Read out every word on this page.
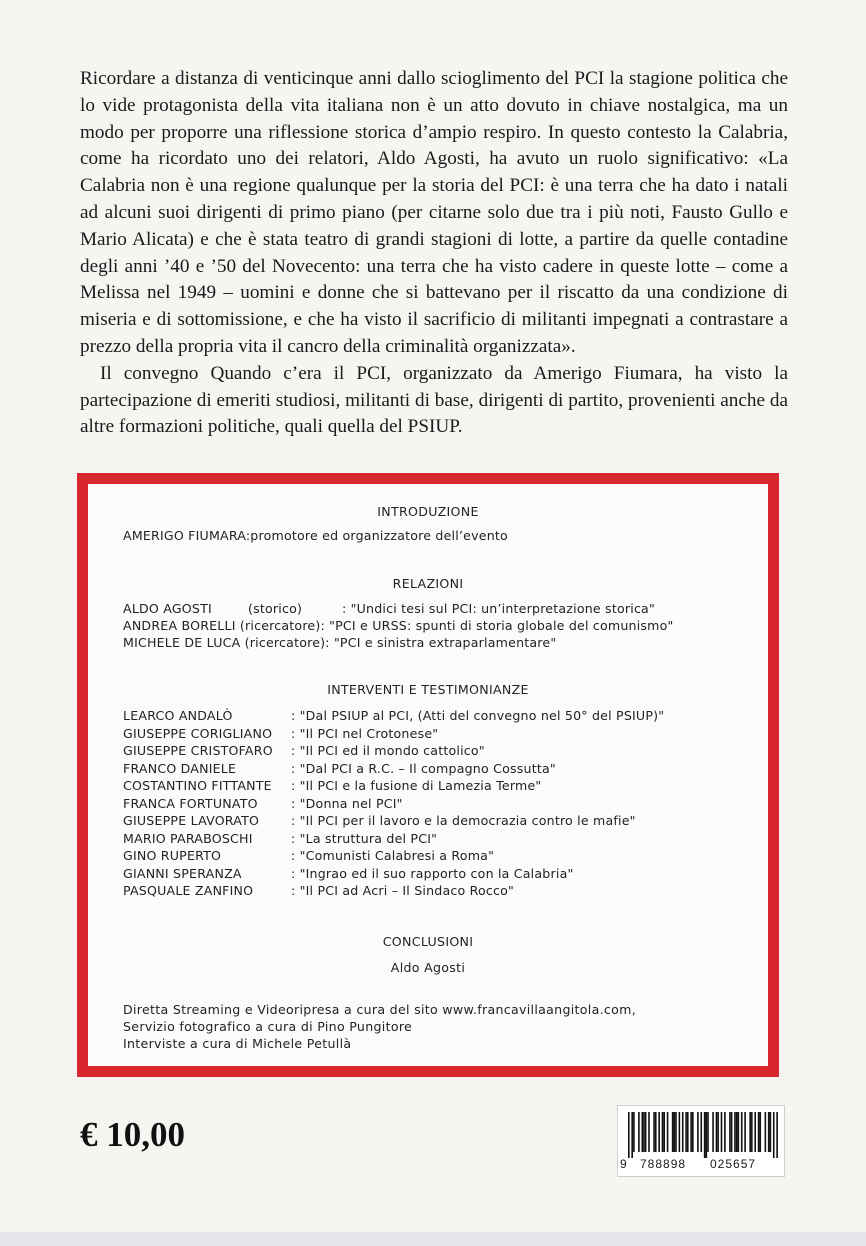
Ricordare a distanza di venticinque anni dallo scioglimento del PCI la stagione politica che lo vide protagonista della vita italiana non è un atto dovuto in chiave nostalgica, ma un modo per proporre una riflessione storica d’ampio respiro. In questo contesto la Calabria, come ha ricordato uno dei relatori, Aldo Agosti, ha avuto un ruolo significativo: «La Calabria non è una regione qualunque per la storia del PCI: è una terra che ha dato i natali ad alcuni suoi dirigenti di primo piano (per citarne solo due tra i più noti, Fausto Gullo e Mario Alicata) e che è stata teatro di grandi stagioni di lotte, a partire da quelle contadine degli anni ’40 e ’50 del Novecento: una terra che ha visto cadere in queste lotte – come a Melissa nel 1949 – uomini e donne che si battevano per il riscatto da una condizione di miseria e di sottomissione, e che ha visto il sacrificio di militanti impegnati a contrastare a prezzo della propria vita il cancro della criminalità organizzata».

Il convegno Quando c’era il PCI, organizzato da Amerigo Fiumara, ha visto la partecipazione di emeriti studiosi, militanti di base, dirigenti di partito, provenienti anche da altre formazioni politiche, quali quella del PSIUP.

INTRODUZIONE
AMERIGO FIUMARA:promotore ed organizzatore dell’evento
RELAZIONI
ALDO AGOSTI	(storico)	: "Undici tesi sul PCI: un’interpretazione storica"
ANDREA BORELLI (ricercatore): "PCI e URSS: spunti di storia globale del comunismo"
MICHELE DE LUCA (ricercatore): "PCI e sinistra extraparlamentare"
INTERVENTI E TESTIMONIANZE
LEARCO ANDALÒ	: "Dal PSIUP al PCI, (Atti del convegno nel 50° del PSIUP)"
GIUSEPPE CORIGLIANO : "Il PCI nel Crotonese"
GIUSEPPE CRISTOFARO : "Il PCI ed il mondo cattolico"
FRANCO DANIELE	: "Dal PCI a R.C. – Il compagno Cossutta"
COSTANTINO FITTANTE : "Il PCI e la fusione di Lamezia Terme"
FRANCA FORTUNATO	: "Donna nel PCI"
GIUSEPPE LAVORATO	: "Il PCI per il lavoro e la democrazia contro le mafie"
MARIO PARABOSCHI	: "La struttura del PCI"
GINO RUPERTO	: "Comunisti Calabresi a Roma"
GIANNI SPERANZA	: "Ingrao ed il suo rapporto con la Calabria"
PASQUALE ZANFINO	: "Il PCI ad Acri – Il Sindaco Rocco"
CONCLUSIONI
Aldo Agosti
Diretta Streaming e Videoripresa a cura del sito www.francavillaangitola.com,
Servizio fotografico a cura di Pino Pungitore
Interviste a cura di Michele Petullà
€ 10,00
9 788898 025657
